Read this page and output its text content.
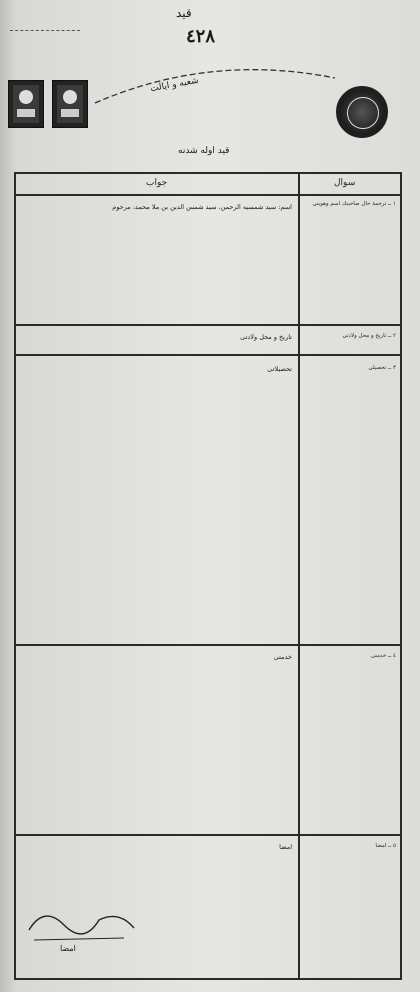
قيد
٤٢٨
شعبه و ایالت
قيد اوله شدنه
سوال
جواب
١ ــ ترجمهٔ حال صاحبنك اسم وهویتی
اسم: سید شمسیه الرحمن، سید شمس الدین بن ملا محمد، مرحوم
٢ ــ تاریخ و محل ولادتی
تاریخ و محل ولادتی
٣ ــ تحصیلی
تحصیلاتی
٤ ــ خدمتی
خدمتی
٥ ــ امضا
امضا
امضا
